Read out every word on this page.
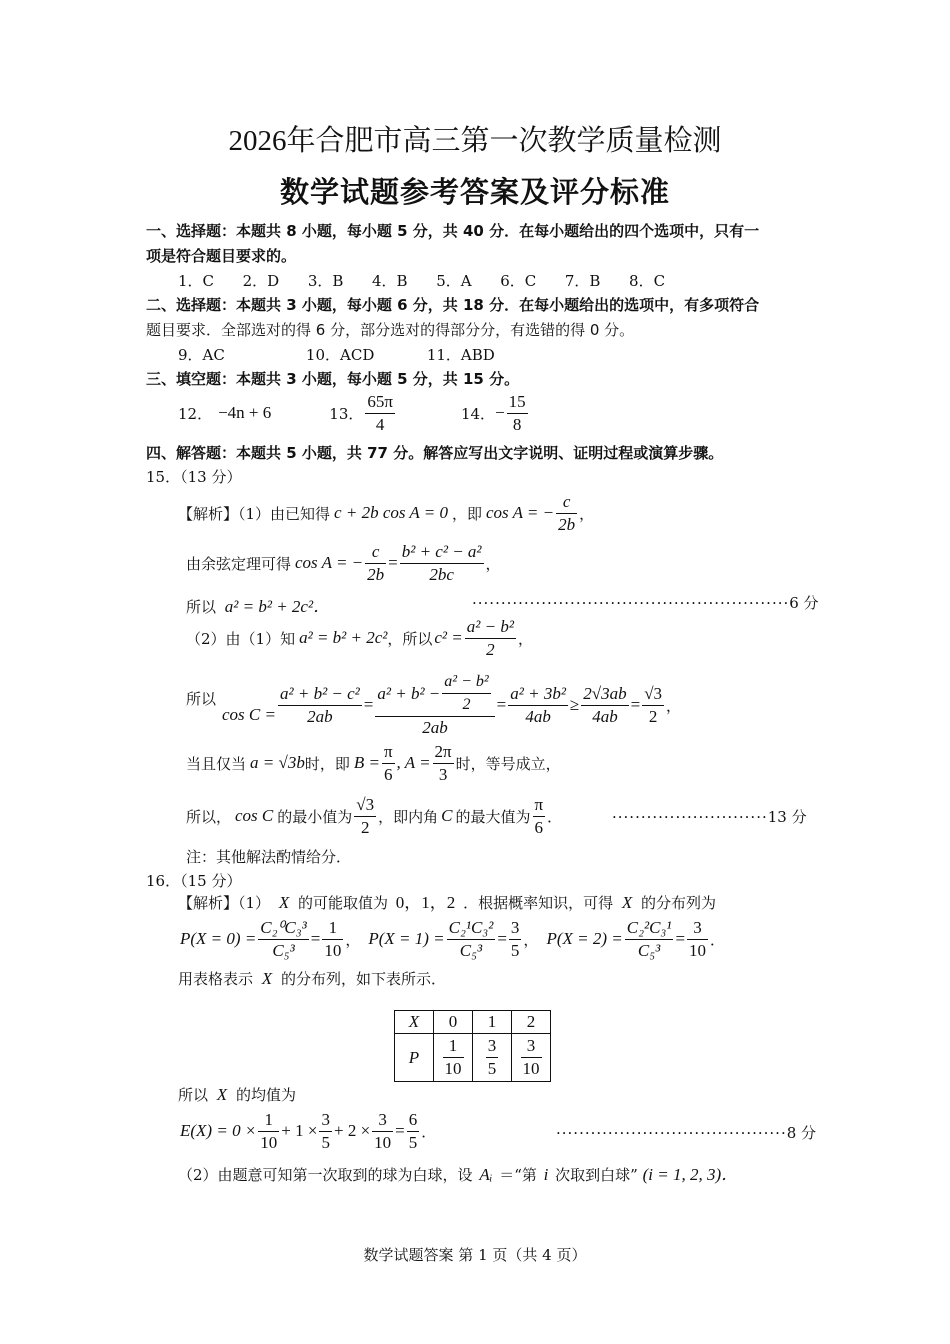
2026年合肥市高三第一次教学质量检测
数学试题参考答案及评分标准
一、选择题：本题共 8 小题，每小题 5 分，共 40 分．在每小题给出的四个选项中，只有一
项是符合题目要求的。
1．C 2．D 3．B 4．B 5．A 6．C 7．B 8．C
二、选择题：本题共 3 小题，每小题 6 分，共 18 分．在每小题给出的选项中，有多项符合
题目要求．全部选对的得 6 分，部分选对的得部分分，有选错的得 0 分。
9．AC	10．ACD	11．ABD
三、填空题：本题共 3 小题，每小题 5 分，共 15 分。
12． −4n + 6	13． $\frac{65\pi}{4}$	14． − $\frac{15}{8}$
四、解答题：本题共 5 小题，共 77 分。解答应写出文字说明、证明过程或演算步骤。
15．（13 分）
【解析】（1）由已知得 c + 2b cos A = 0 ，即 cos A = − $\frac{c}{2b}$ ，
由余弦定理可得 cos A = − $\frac{c}{2b} = \frac{\text{b² + c² − a²}}{2bc}$ ，
所以 a² = b² + 2c²．	·······················································6 分
（2）由（1）知 a² = b² + 2c² ，所以 $c^2 = \frac{\text{a² − b²}}{2}$ ，
所以
$\cos C = \frac{\text{a² + b² − c²}}{2ab} = \frac{a^2 + b^2 - \frac{\text{a² − b²}}{2}}{2ab} = \frac{\text{a² + 3b²}}{4ab} \ge \frac{2√3ab}{4ab} = \frac{√3}{2}$ ，
当且仅当 a = √3b 时，即 $B = \frac{\pi}{6}$ , $A = \frac{2\pi}{3}$ 时，等号成立，
所以， cos C 的最小值为 $\frac{√3}{2}$ ，即内角 C 的最大值为 $\frac{\pi}{6}$ ．	···························13 分
注：其他解法酌情给分．
16．（15 分）
【解析】（1） X 的可能取值为 0，1，2 ．根据概率知识，可得 X 的分布列为
$P(X = 0) = \frac{\text{C₂⁰C₃³}}{\text{C₅³}} = \frac{1}{10}$ ， $P(X = 1) = \frac{\text{C₂¹C₃²}}{\text{C₅³}} = \frac{3}{5}$ ， $P(X = 2) = \frac{\text{C₂²C₃¹}}{\text{C₅³}} = \frac{3}{10}$ ．
用表格表示 X 的分布列，如下表所示．
X	0	1	2
P	$\frac{1}{10}$	$\frac{3}{5}$	$\frac{3}{10}$
所以 X 的均值为
$E(X) = 0 \times \frac{1}{10} + 1 \times \frac{3}{5} + 2 \times \frac{3}{10} = \frac{6}{5}$ ．	········································8 分
（2）由题意可知第一次取到的球为白球，设 Aᵢ ＝“第 i 次取到白球” (i = 1, 2, 3)．
数学试题答案 第 1 页（共 4 页）
